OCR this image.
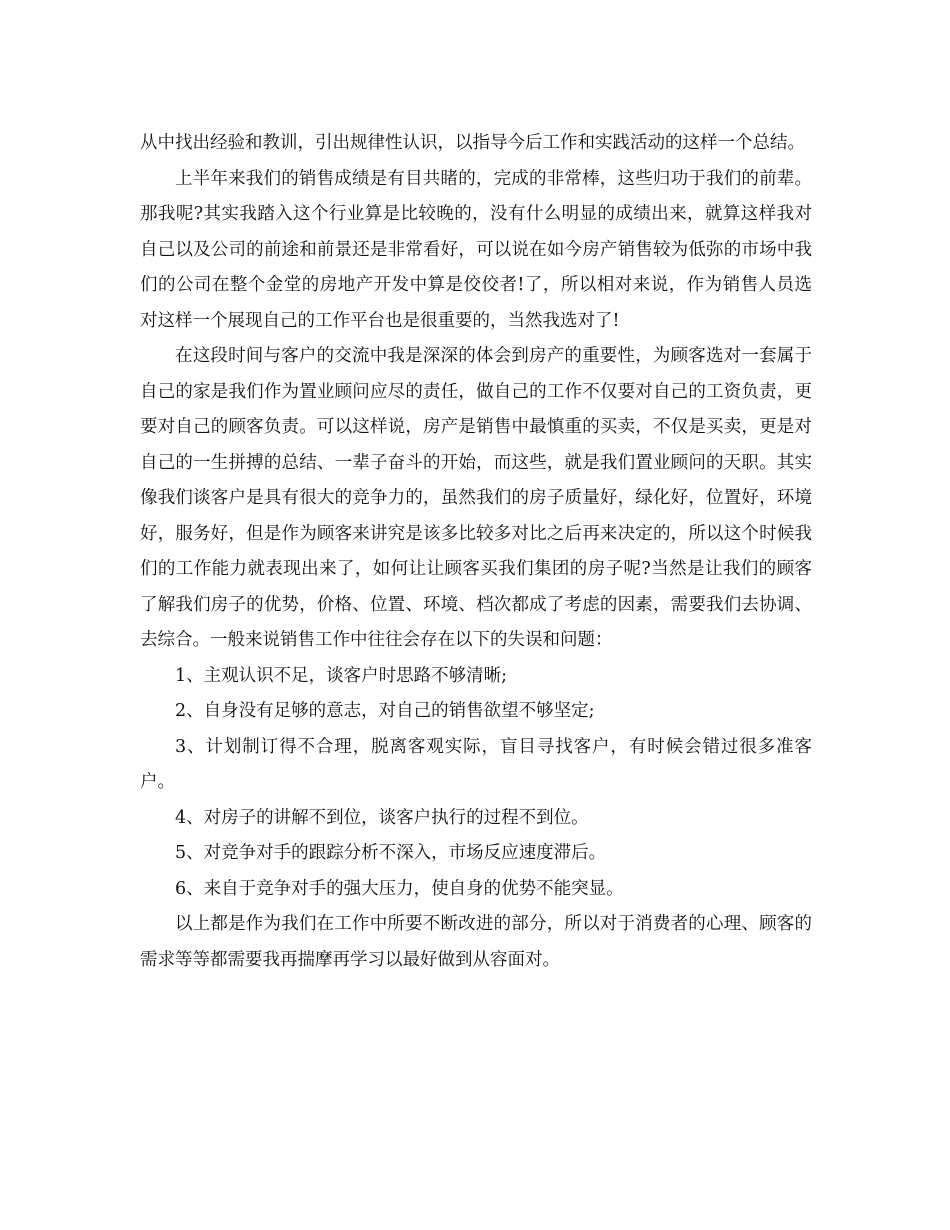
从中找出经验和教训，引出规律性认识，以指导今后工作和实践活动的这样一个总结。

上半年来我们的销售成绩是有目共睹的，完成的非常棒，这些归功于我们的前辈。那我呢?其实我踏入这个行业算是比较晚的，没有什么明显的成绩出来，就算这样我对自己以及公司的前途和前景还是非常看好，可以说在如今房产销售较为低弥的市场中我们的公司在整个金堂的房地产开发中算是佼佼者!了，所以相对来说，作为销售人员选对这样一个展现自己的工作平台也是很重要的，当然我选对了!

在这段时间与客户的交流中我是深深的体会到房产的重要性，为顾客选对一套属于自己的家是我们作为置业顾问应尽的责任，做自己的工作不仅要对自己的工资负责，更要对自己的顾客负责。可以这样说，房产是销售中最慎重的买卖，不仅是买卖，更是对自己的一生拼搏的总结、一辈子奋斗的开始，而这些，就是我们置业顾问的天职。其实像我们谈客户是具有很大的竞争力的，虽然我们的房子质量好，绿化好，位置好，环境好，服务好，但是作为顾客来讲究是该多比较多对比之后再来决定的，所以这个时候我们的工作能力就表现出来了，如何让让顾客买我们集团的房子呢?当然是让我们的顾客了解我们房子的优势，价格、位置、环境、档次都成了考虑的因素，需要我们去协调、去综合。一般来说销售工作中往往会存在以下的失误和问题：

1、主观认识不足，谈客户时思路不够清晰;

2、自身没有足够的意志，对自己的销售欲望不够坚定;

3、计划制订得不合理，脱离客观实际，盲目寻找客户，有时候会错过很多准客户。

4、对房子的讲解不到位，谈客户执行的过程不到位。

5、对竞争对手的跟踪分析不深入，市场反应速度滞后。

6、来自于竞争对手的强大压力，使自身的优势不能突显。

以上都是作为我们在工作中所要不断改进的部分，所以对于消费者的心理、顾客的需求等等都需要我再揣摩再学习以最好做到从容面对。
